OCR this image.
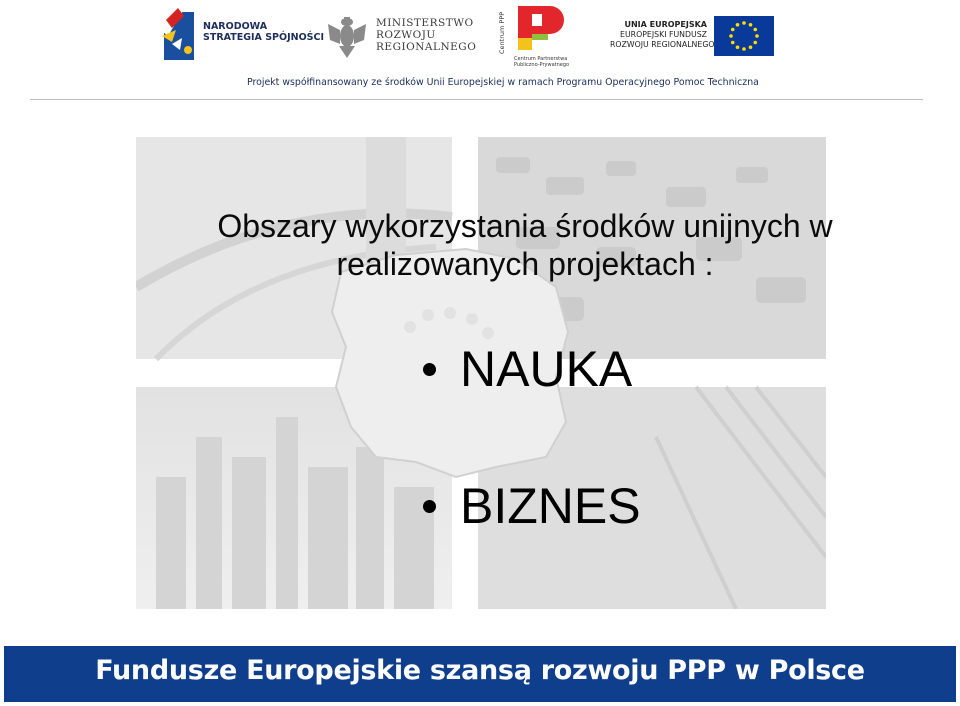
NARODOWA
STRATEGIA SPÓJNOŚCI
MINISTERSTWO
ROZWOJU
REGIONALNEGO	Centrum PPP
Centrum Partnerstwa
Publiczno-Prywatnego
UNIA EUROPEJSKA
EUROPEJSKI FUNDUSZ
ROZWOJU REGIONALNEGO
Projekt współfinansowany ze środków Unii Europejskiej w ramach Programu Operacyjnego Pomoc Techniczna
Obszary wykorzystania środków unijnych w
realizowanych projektach :
NAUKA
BIZNES
Fundusze Europejskie szansą rozwoju PPP w Polsce
